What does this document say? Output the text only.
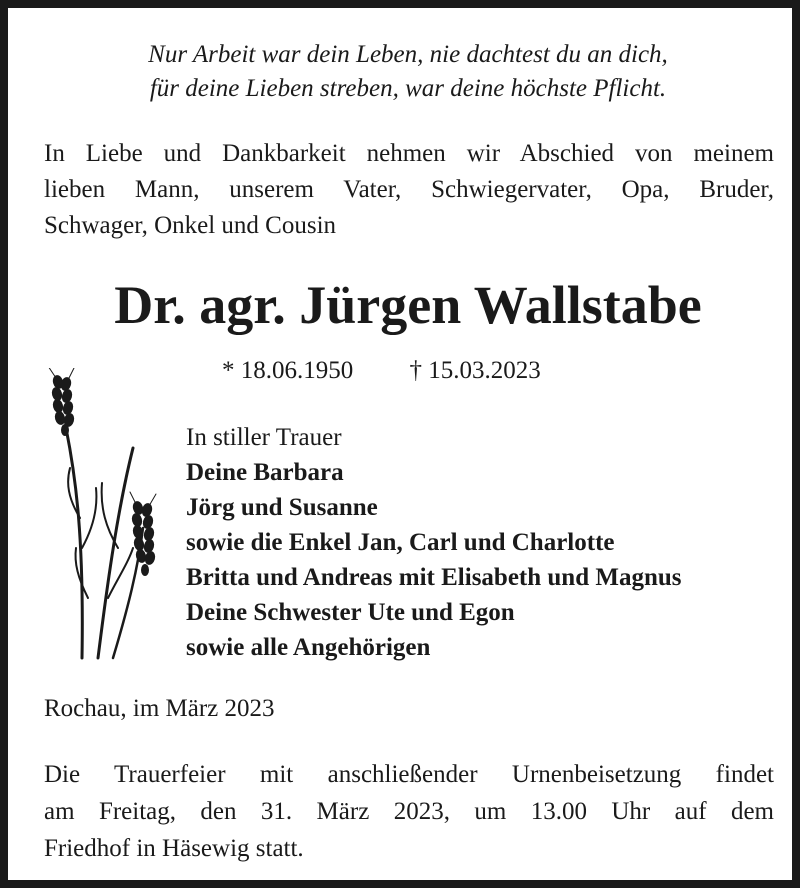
Nur Arbeit war dein Leben, nie dachtest du an dich,
für deine Lieben streben, war deine höchste Pflicht.
In Liebe und Dankbarkeit nehmen wir Abschied von meinem
lieben Mann, unserem Vater, Schwiegervater, Opa, Bruder,
Schwager, Onkel und Cousin
Dr. agr. Jürgen Wallstabe
* 18.06.1950 † 15.03.2023
In stiller Trauer
Deine Barbara
Jörg und Susanne
sowie die Enkel Jan, Carl und Charlotte
Britta und Andreas mit Elisabeth und Magnus
Deine Schwester Ute und Egon
sowie alle Angehörigen
Rochau, im März 2023
Die Trauerfeier mit anschließender Urnenbeisetzung findet
am Freitag, den 31. März 2023, um 13.00 Uhr auf dem
Friedhof in Häsewig statt.
